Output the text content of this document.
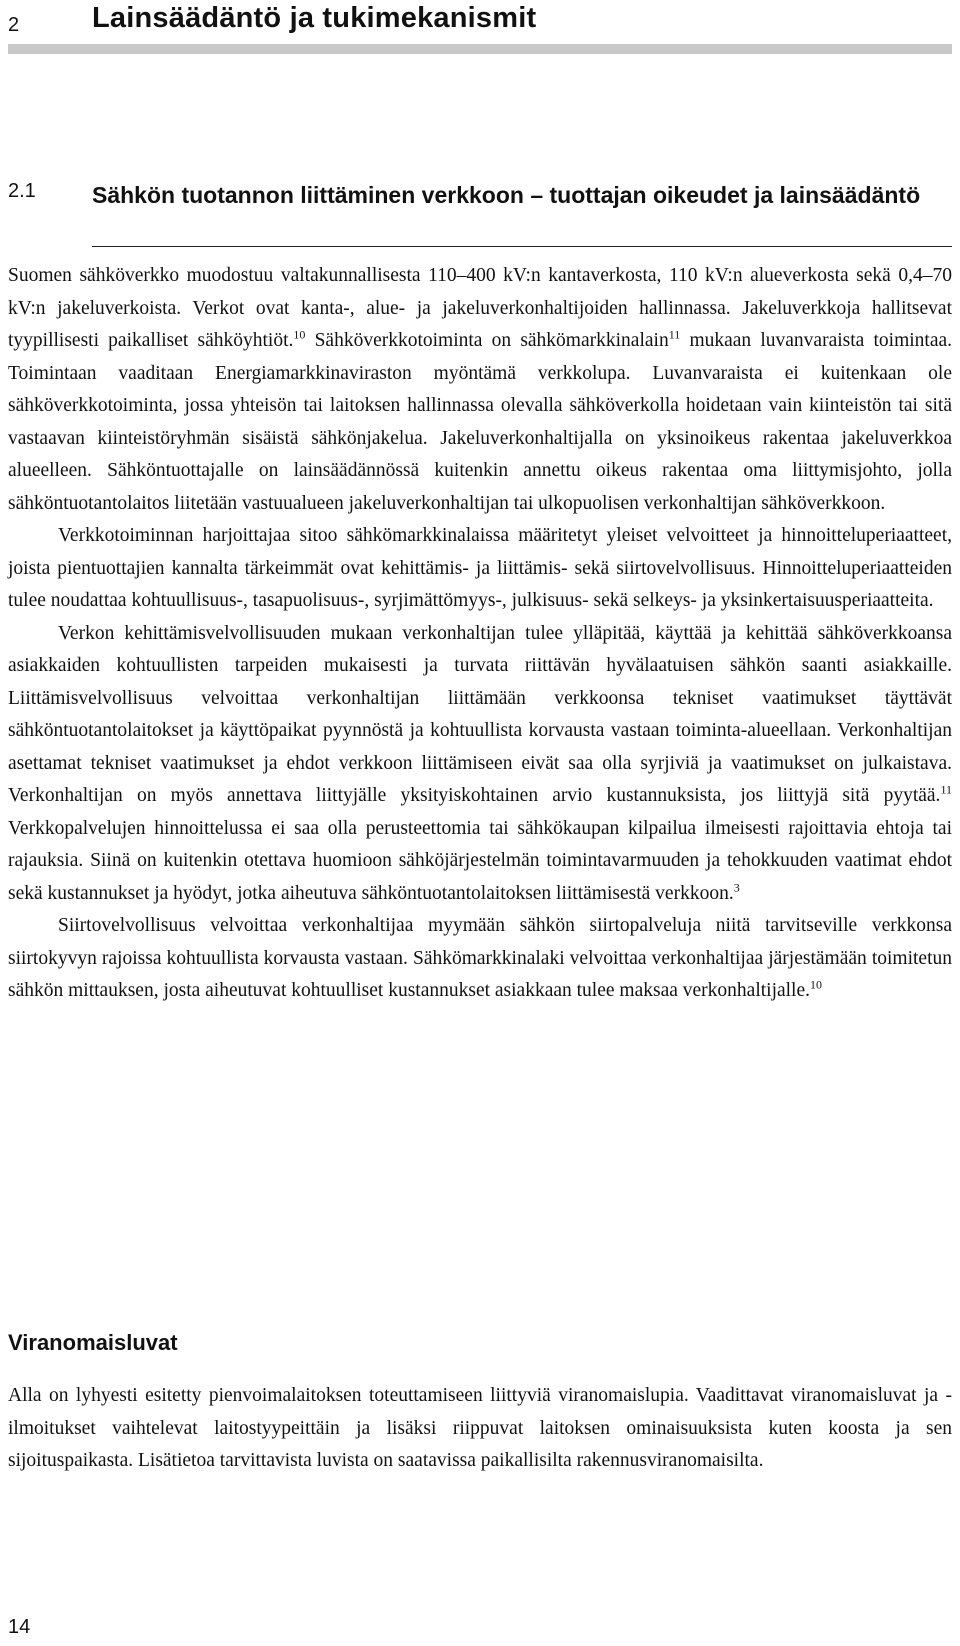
2	Lainsäädäntö ja tukimekanismit
2.1 Sähkön tuotannon liittäminen verkkoon – tuottajan oikeudet ja lainsäädäntö

Suomen sähköverkko muodostuu valtakunnallisesta 110–400 kV:n kantaverkosta, 110 kV:n alueverkosta sekä 0,4–70 kV:n jakeluverkoista. Verkot ovat kanta-, alue- ja jakeluverkonhaltijoiden hallinnassa. Jakeluverkkoja hallitsevat tyypillisesti paikalliset sähköyhtiöt.$^{10}$ Sähköverkkotoiminta on sähkömarkkinalain$^{11}$ mukaan luvanvaraista toimintaa. Toimintaan vaaditaan Energiamarkkinaviraston myöntämä verkkolupa. Luvanvaraista ei kuitenkaan ole sähköverkkotoiminta, jossa yhteisön tai laitoksen hallinnassa olevalla sähköverkolla hoidetaan vain kiinteistön tai sitä vastaavan kiinteistöryhmän sisäistä sähkönjakelua. Jakeluverkonhaltijalla on yksinoikeus rakentaa jakeluverkkoa alueelleen. Sähköntuottajalle on lainsäädännössä kuitenkin annettu oikeus rakentaa oma liittymisjohto, jolla sähköntuotantolaitos liitetään vastuualueen jakeluverkonhaltijan tai ulkopuolisen verkonhaltijan sähköverkkoon.

Verkkotoiminnan harjoittajaa sitoo sähkömarkkinalaissa määritetyt yleiset velvoitteet ja hinnoitteluperiaatteet, joista pientuottajien kannalta tärkeimmät ovat kehittämis- ja liittämis- sekä siirtovelvollisuus. Hinnoitteluperiaatteiden tulee noudattaa kohtuullisuus-, tasapuolisuus-, syrjimättömyys-, julkisuus- sekä selkeys- ja yksinkertaisuusperiaatteita.

Verkon kehittämisvelvollisuuden mukaan verkonhaltijan tulee ylläpitää, käyttää ja kehittää sähköverkkoansa asiakkaiden kohtuullisten tarpeiden mukaisesti ja turvata riittävän hyvälaatuisen sähkön saanti asiakkaille. Liittämisvelvollisuus velvoittaa verkonhaltijan liittämään verkkoonsa tekniset vaatimukset täyttävät sähköntuotantolaitokset ja käyttöpaikat pyynnöstä ja kohtuullista korvausta vastaan toiminta-alueellaan. Verkonhaltijan asettamat tekniset vaatimukset ja ehdot verkkoon liittämiseen eivät saa olla syrjiviä ja vaatimukset on julkaistava. Verkonhaltijan on myös annettava liittyjälle yksityiskohtainen arvio kustannuksista, jos liittyjä sitä pyytää.$^{11}$ Verkkopalvelujen hinnoittelussa ei saa olla perusteettomia tai sähkökaupan kilpailua ilmeisesti rajoittavia ehtoja tai rajauksia. Siinä on kuitenkin otettava huomioon sähköjärjestelmän toimintavarmuuden ja tehokkuuden vaatimat ehdot sekä kustannukset ja hyödyt, jotka aiheutuva sähköntuotantolaitoksen liittämisestä verkkoon.$^3$

Siirtovelvollisuus velvoittaa verkonhaltijaa myymään sähkön siirtopalveluja niitä tarvitseville verkkonsa siirtokyvyn rajoissa kohtuullista korvausta vastaan. Sähkömarkkinalaki velvoittaa verkonhaltijaa järjestämään toimitetun sähkön mittauksen, josta aiheutuvat kohtuulliset kustannukset asiakkaan tulee maksaa verkonhaltijalle.$^{10}$

Viranomaisluvat

Alla on lyhyesti esitetty pienvoimalaitoksen toteuttamiseen liittyviä viranomaislupia. Vaadittavat viranomaisluvat ja -ilmoitukset vaihtelevat laitostyypeittäin ja lisäksi riippuvat laitoksen ominaisuuksista kuten koosta ja sen sijoituspaikasta. Lisätietoa tarvittavista luvista on saatavissa paikallisilta rakennusviranomaisilta.

14
